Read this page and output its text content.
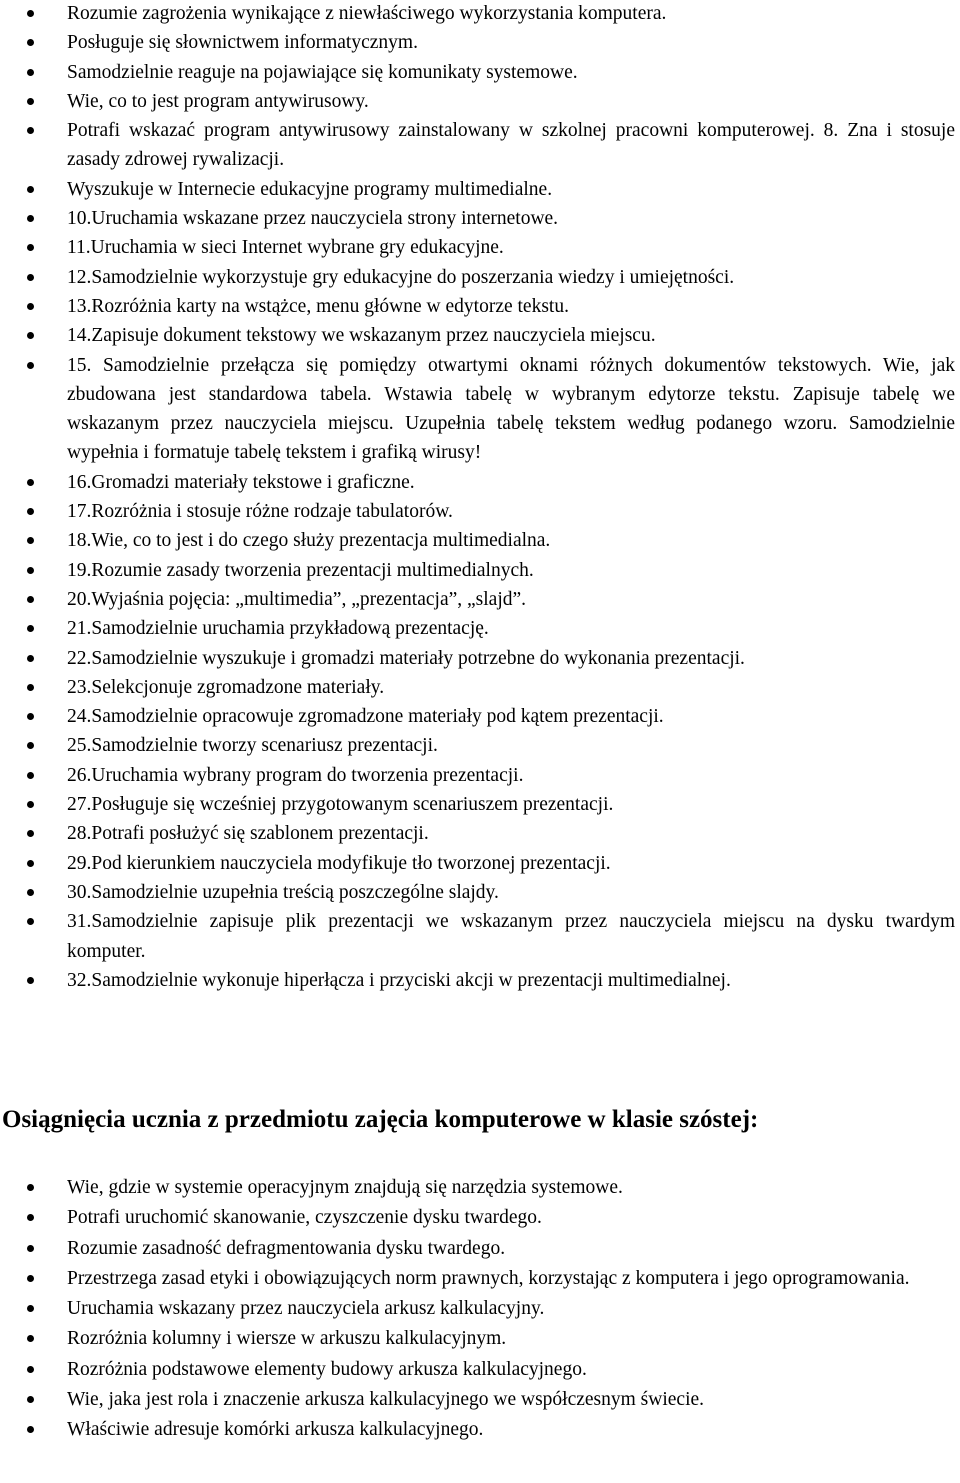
Rozumie zagrożenia wynikające z niewłaściwego wykorzystania komputera.
Posługuje się słownictwem informatycznym.
Samodzielnie reaguje na pojawiające się komunikaty systemowe.
Wie, co to jest program antywirusowy.
Potrafi wskazać program antywirusowy zainstalowany w szkolnej pracowni komputerowej. 8. Zna i stosuje zasady zdrowej rywalizacji.
Wyszukuje w Internecie edukacyjne programy multimedialne.
10.Uruchamia wskazane przez nauczyciela strony internetowe.
11.Uruchamia w sieci Internet wybrane gry edukacyjne.
12.Samodzielnie wykorzystuje gry edukacyjne do poszerzania wiedzy i umiejętności.
13.Rozróżnia karty na wstążce, menu główne w edytorze tekstu.
14.Zapisuje dokument tekstowy we wskazanym przez nauczyciela miejscu.
15. Samodzielnie przełącza się pomiędzy otwartymi oknami różnych dokumentów tekstowych. Wie, jak zbudowana jest standardowa tabela. Wstawia tabelę w wybranym edytorze tekstu. Zapisuje tabelę we wskazanym przez nauczyciela miejscu. Uzupełnia tabelę tekstem według podanego wzoru. Samodzielnie wypełnia i formatuje tabelę tekstem i grafiką wirusy!
16.Gromadzi materiały tekstowe i graficzne.
17.Rozróżnia i stosuje różne rodzaje tabulatorów.
18.Wie, co to jest i do czego służy prezentacja multimedialna.
19.Rozumie zasady tworzenia prezentacji multimedialnych.
20.Wyjaśnia pojęcia: „multimedia”, „prezentacja”, „slajd”.
21.Samodzielnie uruchamia przykładową prezentację.
22.Samodzielnie wyszukuje i gromadzi materiały potrzebne do wykonania prezentacji.
23.Selekcjonuje zgromadzone materiały.
24.Samodzielnie opracowuje zgromadzone materiały pod kątem prezentacji.
25.Samodzielnie tworzy scenariusz prezentacji.
26.Uruchamia wybrany program do tworzenia prezentacji.
27.Posługuje się wcześniej przygotowanym scenariuszem prezentacji.
28.Potrafi posłużyć się szablonem prezentacji.
29.Pod kierunkiem nauczyciela modyfikuje tło tworzonej prezentacji.
30.Samodzielnie uzupełnia treścią poszczególne slajdy.
31.Samodzielnie zapisuje plik prezentacji we wskazanym przez nauczyciela miejscu na dysku twardym komputer.
32.Samodzielnie wykonuje hiperłącza i przyciski akcji w prezentacji multimedialnej.
Osiągnięcia ucznia z przedmiotu zajęcia komputerowe w klasie szóstej:
Wie, gdzie w systemie operacyjnym znajdują się narzędzia systemowe.
Potrafi uruchomić skanowanie, czyszczenie dysku twardego.
Rozumie zasadność defragmentowania dysku twardego.
Przestrzega zasad etyki i obowiązujących norm prawnych, korzystając z komputera i jego oprogramowania.
Uruchamia wskazany przez nauczyciela arkusz kalkulacyjny.
Rozróżnia kolumny i wiersze w arkuszu kalkulacyjnym.
Rozróżnia podstawowe elementy budowy arkusza kalkulacyjnego.
Wie, jaka jest rola i znaczenie arkusza kalkulacyjnego we współczesnym świecie.
Właściwie adresuje komórki arkusza kalkulacyjnego.
